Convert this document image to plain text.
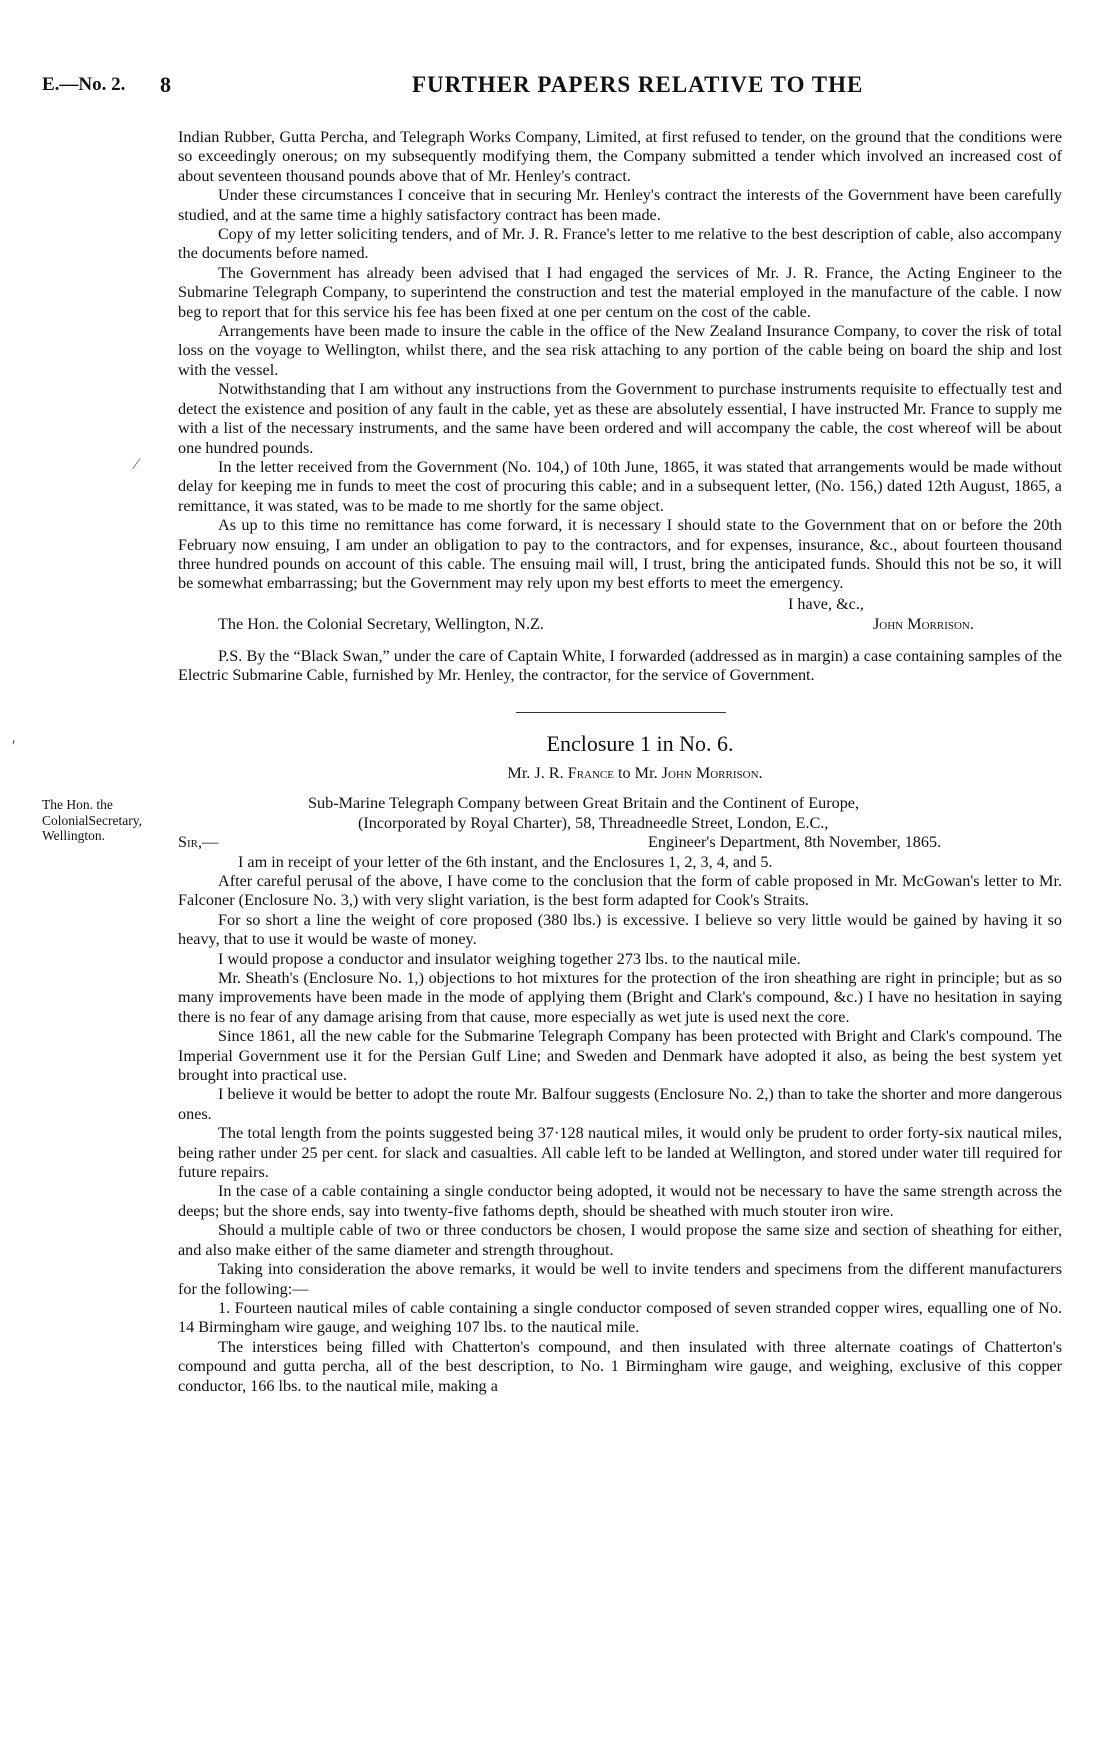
E.—No. 2. 8	FURTHER PAPERS RELATIVE TO THE
The Hon. the
ColonialSecretary,
Wellington.
⁄
′

Indian Rubber, Gutta Percha, and Telegraph Works Company, Limited, at first refused to tender, on the ground that the conditions were so exceedingly onerous; on my subsequently modifying them, the Company submitted a tender which involved an increased cost of about seventeen thousand pounds above that of Mr. Henley's contract.

Under these circumstances I conceive that in securing Mr. Henley's contract the interests of the Government have been carefully studied, and at the same time a highly satisfactory contract has been made.

Copy of my letter soliciting tenders, and of Mr. J. R. France's letter to me relative to the best description of cable, also accompany the documents before named.

The Government has already been advised that I had engaged the services of Mr. J. R. France, the Acting Engineer to the Submarine Telegraph Company, to superintend the construction and test the material employed in the manufacture of the cable. I now beg to report that for this service his fee has been fixed at one per centum on the cost of the cable.

Arrangements have been made to insure the cable in the office of the New Zealand Insurance Company, to cover the risk of total loss on the voyage to Wellington, whilst there, and the sea risk attaching to any portion of the cable being on board the ship and lost with the vessel.

Notwithstanding that I am without any instructions from the Government to purchase instruments requisite to effectually test and detect the existence and position of any fault in the cable, yet as these are absolutely essential, I have instructed Mr. France to supply me with a list of the necessary instruments, and the same have been ordered and will accompany the cable, the cost whereof will be about one hundred pounds.

In the letter received from the Government (No. 104,) of 10th June, 1865, it was stated that arrangements would be made without delay for keeping me in funds to meet the cost of procuring this cable; and in a subsequent letter, (No. 156,) dated 12th August, 1865, a remittance, it was stated, was to be made to me shortly for the same object.

As up to this time no remittance has come forward, it is necessary I should state to the Government that on or before the 20th February now ensuing, I am under an obligation to pay to the contractors, and for expenses, insurance, &c., about fourteen thousand three hundred pounds on account of this cable. The ensuing mail will, I trust, bring the anticipated funds. Should this not be so, it will be somewhat embarrassing; but the Government may rely upon my best efforts to meet the emergency.

I have, &c.,
The Hon. the Colonial Secretary, Wellington, N.Z.	John Morrison.

P.S. By the “Black Swan,” under the care of Captain White, I forwarded (addressed as in margin) a case containing samples of the Electric Submarine Cable, furnished by Mr. Henley, the contractor, for the service of Government.

Enclosure 1 in No. 6.
Mr. J. R. France to Mr. John Morrison.
Sub-Marine Telegraph Company between Great Britain and the Continent of Europe,
(Incorporated by Royal Charter), 58, Threadneedle Street, London, E.C.,
Sir,—	Engineer's Department, 8th November, 1865.

I am in receipt of your letter of the 6th instant, and the Enclosures 1, 2, 3, 4, and 5.

After careful perusal of the above, I have come to the conclusion that the form of cable proposed in Mr. McGowan's letter to Mr. Falconer (Enclosure No. 3,) with very slight variation, is the best form adapted for Cook's Straits.

For so short a line the weight of core proposed (380 lbs.) is excessive. I believe so very little would be gained by having it so heavy, that to use it would be waste of money.

I would propose a conductor and insulator weighing together 273 lbs. to the nautical mile.

Mr. Sheath's (Enclosure No. 1,) objections to hot mixtures for the protection of the iron sheathing are right in principle; but as so many improvements have been made in the mode of applying them (Bright and Clark's compound, &c.) I have no hesitation in saying there is no fear of any damage arising from that cause, more especially as wet jute is used next the core.

Since 1861, all the new cable for the Submarine Telegraph Company has been protected with Bright and Clark's compound. The Imperial Government use it for the Persian Gulf Line; and Sweden and Denmark have adopted it also, as being the best system yet brought into practical use.

I believe it would be better to adopt the route Mr. Balfour suggests (Enclosure No. 2,) than to take the shorter and more dangerous ones.

The total length from the points suggested being 37·128 nautical miles, it would only be prudent to order forty-six nautical miles, being rather under 25 per cent. for slack and casualties. All cable left to be landed at Wellington, and stored under water till required for future repairs.

In the case of a cable containing a single conductor being adopted, it would not be necessary to have the same strength across the deeps; but the shore ends, say into twenty-five fathoms depth, should be sheathed with much stouter iron wire.

Should a multiple cable of two or three conductors be chosen, I would propose the same size and section of sheathing for either, and also make either of the same diameter and strength throughout.

Taking into consideration the above remarks, it would be well to invite tenders and specimens from the different manufacturers for the following:—

1. Fourteen nautical miles of cable containing a single conductor composed of seven stranded copper wires, equalling one of No. 14 Birmingham wire gauge, and weighing 107 lbs. to the nautical mile.

The interstices being filled with Chatterton's compound, and then insulated with three alternate coatings of Chatterton's compound and gutta percha, all of the best description, to No. 1 Birmingham wire gauge, and weighing, exclusive of this copper conductor, 166 lbs. to the nautical mile, making a
